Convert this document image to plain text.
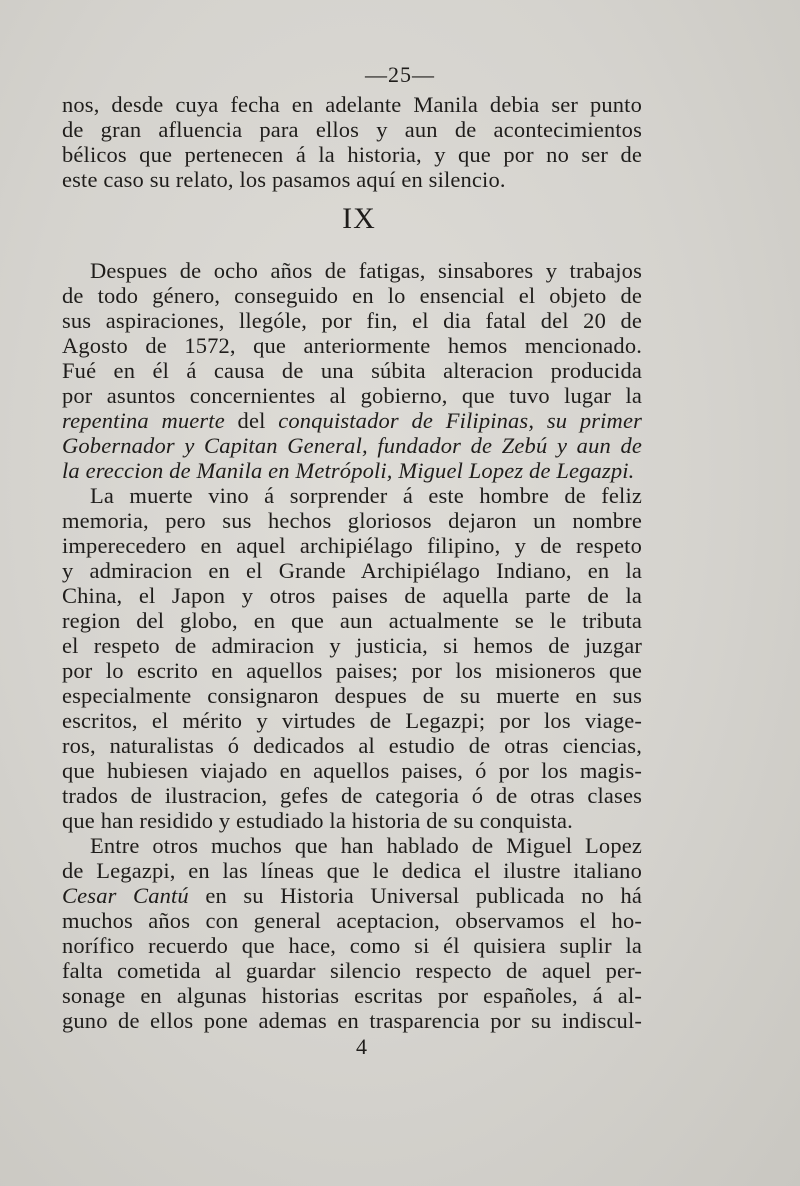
—25—
nos, desde cuya fecha en adelante Manila debia ser punto
de gran afluencia para ellos y aun de acontecimientos
bélicos que pertenecen á la historia, y que por no ser de
este caso su relato, los pasamos aquí en silencio.
IX
Despues de ocho años de fatigas, sinsabores y trabajos
de todo género, conseguido en lo ensencial el objeto de
sus aspiraciones, llególe, por fin, el dia fatal del 20 de
Agosto de 1572, que anteriormente hemos mencionado.
Fué en él á causa de una súbita alteracion producida
por asuntos concernientes al gobierno, que tuvo lugar la
repentina muerte del conquistador de Filipinas, su primer
Gobernador y Capitan General, fundador de Zebú y aun de
la ereccion de Manila en Metrópoli, Miguel Lopez de Legazpi.
La muerte vino á sorprender á este hombre de feliz
memoria, pero sus hechos gloriosos dejaron un nombre
imperecedero en aquel archipiélago filipino, y de respeto
y admiracion en el Grande Archipiélago Indiano, en la
China, el Japon y otros paises de aquella parte de la
region del globo, en que aun actualmente se le tributa
el respeto de admiracion y justicia, si hemos de juzgar
por lo escrito en aquellos paises; por los misioneros que
especialmente consignaron despues de su muerte en sus
escritos, el mérito y virtudes de Legazpi; por los viage-
ros, naturalistas ó dedicados al estudio de otras ciencias,
que hubiesen viajado en aquellos paises, ó por los magis-
trados de ilustracion, gefes de categoria ó de otras clases
que han residido y estudiado la historia de su conquista.
Entre otros muchos que han hablado de Miguel Lopez
de Legazpi, en las líneas que le dedica el ilustre italiano
Cesar Cantú en su Historia Universal publicada no há
muchos años con general aceptacion, observamos el ho-
norífico recuerdo que hace, como si él quisiera suplir la
falta cometida al guardar silencio respecto de aquel per-
sonage en algunas historias escritas por españoles, á al-
guno de ellos pone ademas en trasparencia por su indiscul-
4
